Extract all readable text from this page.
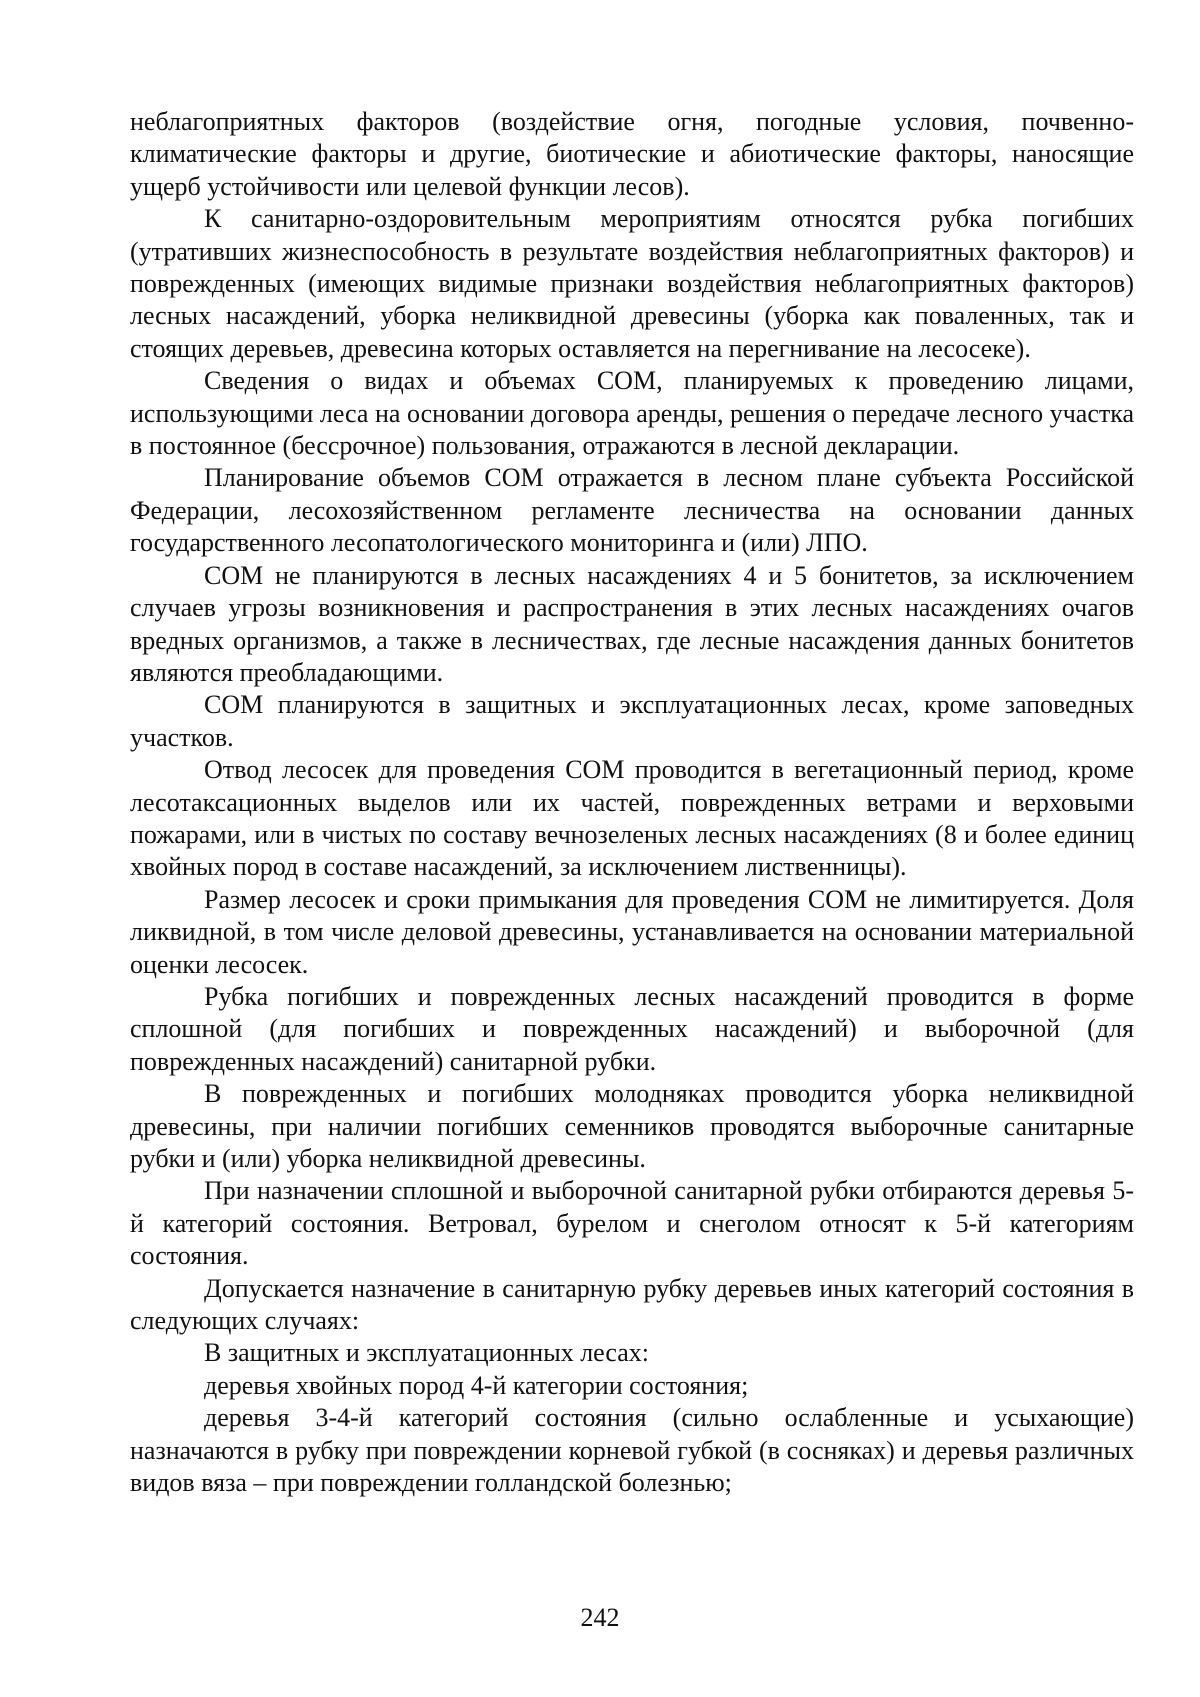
неблагоприятных факторов (воздействие огня, погодные условия, почвенно-климатические факторы и другие, биотические и абиотические факторы, наносящие ущерб устойчивости или целевой функции лесов).

К санитарно-оздоровительным мероприятиям относятся рубка погибших (утративших жизнеспособность в результате воздействия неблагоприятных факторов) и поврежденных (имеющих видимые признаки воздействия неблагоприятных факторов) лесных насаждений, уборка неликвидной древесины (уборка как поваленных, так и стоящих деревьев, древесина которых оставляется на перегнивание на лесосеке).

Сведения о видах и объемах СОМ, планируемых к проведению лицами, использующими леса на основании договора аренды, решения о передаче лесного участка в постоянное (бессрочное) пользования, отражаются в лесной декларации.

Планирование объемов СОМ отражается в лесном плане субъекта Российской Федерации, лесохозяйственном регламенте лесничества на основании данных государственного лесопатологического мониторинга и (или) ЛПО.

СОМ не планируются в лесных насаждениях 4 и 5 бонитетов, за исключением случаев угрозы возникновения и распространения в этих лесных насаждениях очагов вредных организмов, а также в лесничествах, где лесные насаждения данных бонитетов являются преобладающими.

СОМ планируются в защитных и эксплуатационных лесах, кроме заповедных участков.

Отвод лесосек для проведения СОМ проводится в вегетационный период, кроме лесотаксационных выделов или их частей, поврежденных ветрами и верховыми пожарами, или в чистых по составу вечнозеленых лесных насаждениях (8 и более единиц хвойных пород в составе насаждений, за исключением лиственницы).

Размер лесосек и сроки примыкания для проведения СОМ не лимитируется. Доля ликвидной, в том числе деловой древесины, устанавливается на основании материальной оценки лесосек.

Рубка погибших и поврежденных лесных насаждений проводится в форме сплошной (для погибших и поврежденных насаждений) и выборочной (для поврежденных насаждений) санитарной рубки.

В поврежденных и погибших молодняках проводится уборка неликвидной древесины, при наличии погибших семенников проводятся выборочные санитарные рубки и (или) уборка неликвидной древесины.

При назначении сплошной и выборочной санитарной рубки отбираются деревья 5-й категорий состояния. Ветровал, бурелом и снеголом относят к 5-й категориям состояния.

Допускается назначение в санитарную рубку деревьев иных категорий состояния в следующих случаях:

В защитных и эксплуатационных лесах:

деревья хвойных пород 4-й категории состояния;

деревья 3-4-й категорий состояния (сильно ослабленные и усыхающие) назначаются в рубку при повреждении корневой губкой (в сосняках) и деревья различных видов вяза – при повреждении голландской болезнью;

242
